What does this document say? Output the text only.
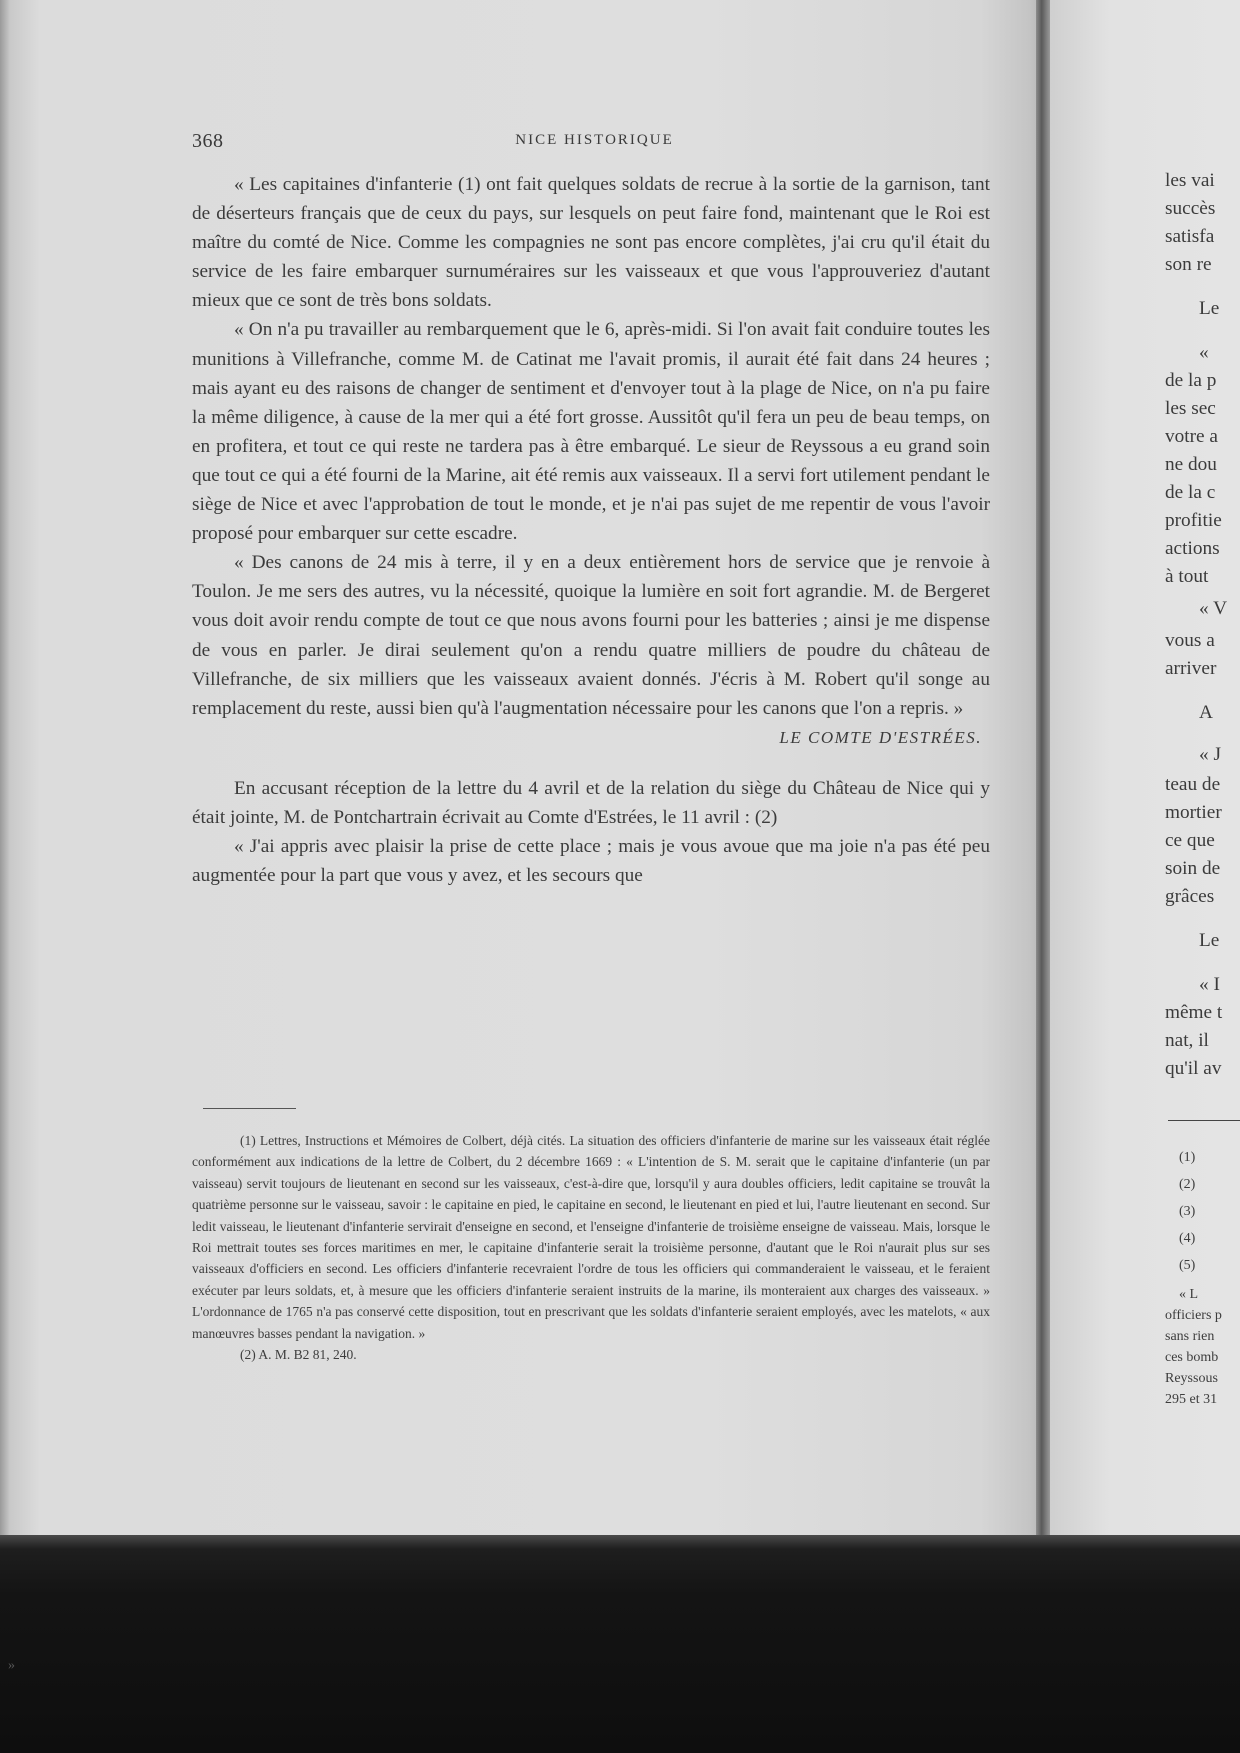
368	NICE HISTORIQUE

« Les capitaines d'infanterie (1) ont fait quelques soldats de recrue à la sortie de la garnison, tant de déserteurs français que de ceux du pays, sur lesquels on peut faire fond, maintenant que le Roi est maître du comté de Nice. Comme les compagnies ne sont pas encore complètes, j'ai cru qu'il était du service de les faire embarquer surnuméraires sur les vaisseaux et que vous l'approuveriez d'autant mieux que ce sont de très bons soldats.

« On n'a pu travailler au rembarquement que le 6, après-midi. Si l'on avait fait conduire toutes les munitions à Villefranche, comme M. de Catinat me l'avait promis, il aurait été fait dans 24 heures ; mais ayant eu des raisons de changer de sentiment et d'envoyer tout à la plage de Nice, on n'a pu faire la même diligence, à cause de la mer qui a été fort grosse. Aussitôt qu'il fera un peu de beau temps, on en profitera, et tout ce qui reste ne tardera pas à être embarqué. Le sieur de Reyssous a eu grand soin que tout ce qui a été fourni de la Marine, ait été remis aux vaisseaux. Il a servi fort utilement pendant le siège de Nice et avec l'approbation de tout le monde, et je n'ai pas sujet de me repentir de vous l'avoir proposé pour embarquer sur cette escadre.

« Des canons de 24 mis à terre, il y en a deux entièrement hors de service que je renvoie à Toulon. Je me sers des autres, vu la nécessité, quoique la lumière en soit fort agrandie. M. de Bergeret vous doit avoir rendu compte de tout ce que nous avons fourni pour les batteries ; ainsi je me dispense de vous en parler. Je dirai seulement qu'on a rendu quatre milliers de poudre du château de Villefranche, de six milliers que les vaisseaux avaient donnés. J'écris à M. Robert qu'il songe au remplacement du reste, aussi bien qu'à l'augmentation nécessaire pour les canons que l'on a repris. »

LE COMTE D'ESTRÉES.

En accusant réception de la lettre du 4 avril et de la relation du siège du Château de Nice qui y était jointe, M. de Pontchartrain écrivait au Comte d'Estrées, le 11 avril : (2)

« J'ai appris avec plaisir la prise de cette place ; mais je vous avoue que ma joie n'a pas été peu augmentée pour la part que vous y avez, et les secours que

(1) Lettres, Instructions et Mémoires de Colbert, déjà cités. La situation des officiers d'infanterie de marine sur les vaisseaux était réglée conformément aux indications de la lettre de Colbert, du 2 décembre 1669 : « L'intention de S. M. serait que le capitaine d'infanterie (un par vaisseau) servit toujours de lieutenant en second sur les vaisseaux, c'est-à-dire que, lorsqu'il y aura doubles officiers, ledit capitaine se trouvât la quatrième personne sur le vaisseau, savoir : le capitaine en pied, le capitaine en second, le lieutenant en pied et lui, l'autre lieutenant en second. Sur ledit vaisseau, le lieutenant d'infanterie servirait d'enseigne en second, et l'enseigne d'infanterie de troisième enseigne de vaisseau. Mais, lorsque le Roi mettrait toutes ses forces maritimes en mer, le capitaine d'infanterie serait la troisième personne, d'autant que le Roi n'aurait plus sur ses vaisseaux d'officiers en second. Les officiers d'infanterie recevraient l'ordre de tous les officiers qui commanderaient le vaisseau, et le feraient exécuter par leurs soldats, et, à mesure que les officiers d'infanterie seraient instruits de la marine, ils monteraient aux charges des vaisseaux. » L'ordonnance de 1765 n'a pas conservé cette disposition, tout en prescrivant que les soldats d'infanterie seraient employés, avec les matelots, « aux manœuvres basses pendant la navigation. »

(2) A. M. B2 81, 240.

les vai
succès
satisfa
son re
Le
«
de la p
les sec
votre a
ne dou
de la c
profitie
actions
à tout
« V
vous a
arriver
A
« J
teau de
mortier
ce que
soin de
grâces
Le
« I
même t
nat, il
qu'il av
(1)
(2)
(3)
(4)
(5)
« L
officiers p
sans rien
ces bomb
Reyssous
295 et 31
»
